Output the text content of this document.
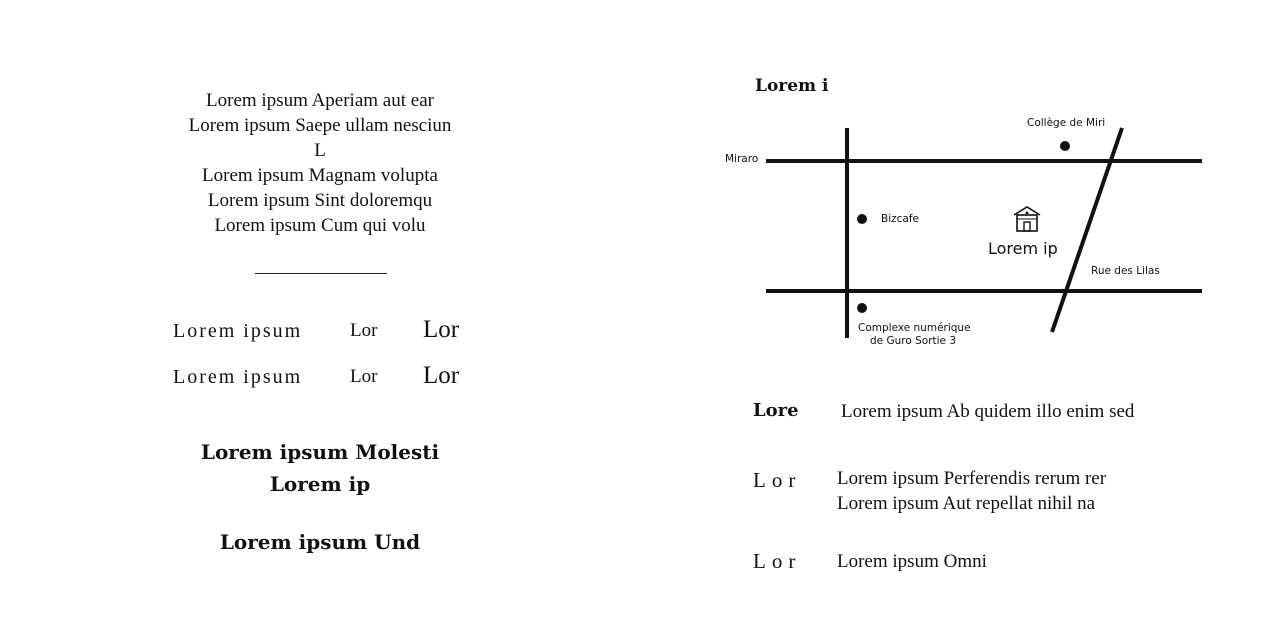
Lorem ipsum Aperiam aut ear
Lorem ipsum Saepe ullam nesciun
L
Lorem ipsum Magnam volupta
Lorem ipsum Sint doloremqu
Lorem ipsum Cum qui volu
Lorem ipsum	Lor Lor
Lorem ipsum	Lor Lor
Lorem ipsum Molesti
Lorem ip
Lorem ipsum Und
Lorem i
Collège de Miri
Miraro
Bizcafe
Lorem ip
Rue des Lilas
Complexe numérique
de Guro Sortie 3
Lore Lorem ipsum Ab quidem illo enim sed
Lor Lorem ipsum Perferendis rerum rer
Lorem ipsum Aut repellat nihil na
Lor Lorem ipsum Omni
